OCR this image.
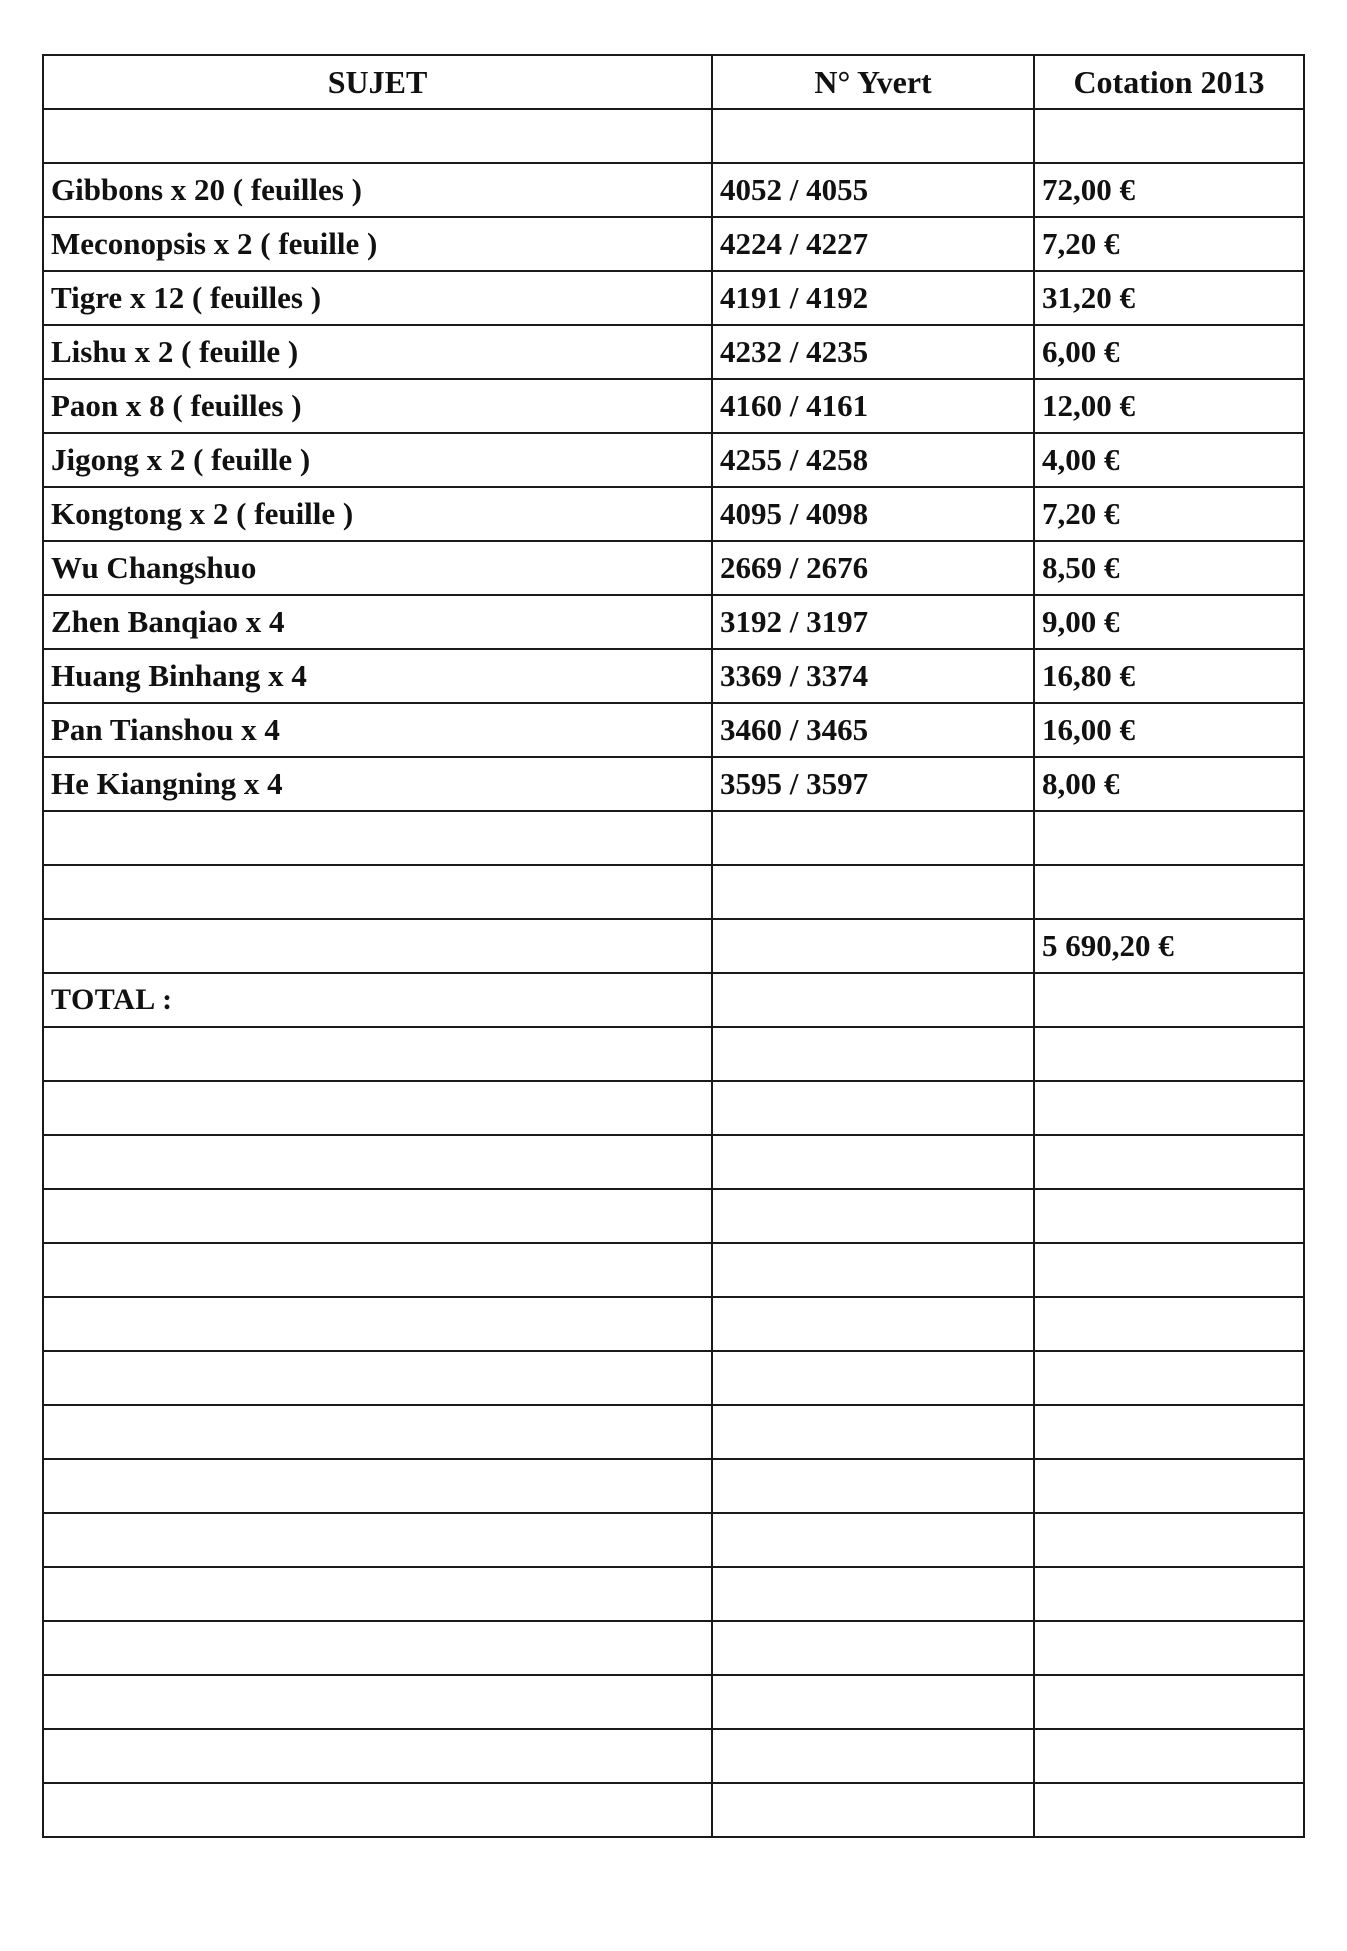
SUJET	N° Yvert	Cotation 2013

Gibbons x 20 ( feuilles )	4052 / 4055	72,00 €
Meconopsis x 2 ( feuille )	4224 / 4227	7,20 €
Tigre x 12 ( feuilles )	4191 / 4192	31,20 €
Lishu x 2 ( feuille )	4232 / 4235	6,00 €
Paon x 8 ( feuilles )	4160 / 4161	12,00 €
Jigong x 2 ( feuille )	4255 / 4258	4,00 €
Kongtong x 2 ( feuille )	4095 / 4098	7,20 €
Wu Changshuo	2669 / 2676	8,50 €
Zhen Banqiao x 4	3192 / 3197	9,00 €
Huang Binhang x 4	3369 / 3374	16,80 €
Pan Tianshou x 4	3460 / 3465	16,00 €
He Kiangning x 4	3595 / 3597	8,00 €

		5 690,20 €
TOTAL :		
